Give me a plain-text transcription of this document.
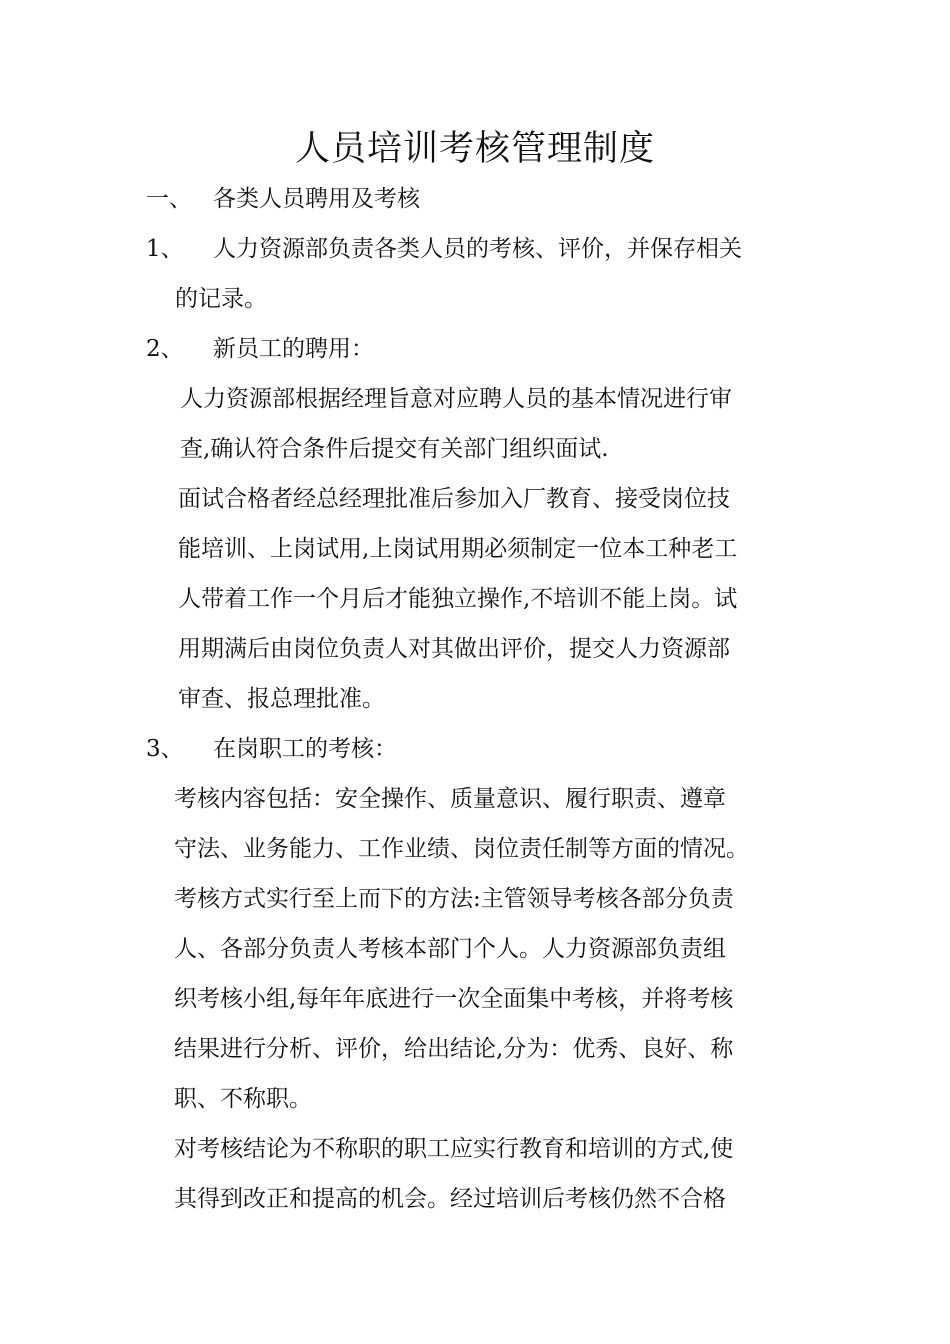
人员培训考核管理制度
一、 各类人员聘用及考核
1、 人力资源部负责各类人员的考核、评价，并保存相关
的记录。
2、 新员工的聘用：
人力资源部根据经理旨意对应聘人员的基本情况进行审
查,确认符合条件后提交有关部门组织面试.
面试合格者经总经理批准后参加入厂教育、接受岗位技
能培训、上岗试用,上岗试用期必须制定一位本工种老工
人带着工作一个月后才能独立操作,不培训不能上岗。试
用期满后由岗位负责人对其做出评价，提交人力资源部
审查、报总理批准。
3、 在岗职工的考核：
考核内容包括：安全操作、质量意识、履行职责、遵章
守法、业务能力、工作业绩、岗位责任制等方面的情况。
考核方式实行至上而下的方法:主管领导考核各部分负责
人、各部分负责人考核本部门个人。人力资源部负责组
织考核小组,每年年底进行一次全面集中考核，并将考核
结果进行分析、评价，给出结论,分为：优秀、良好、称
职、不称职。
对考核结论为不称职的职工应实行教育和培训的方式,使
其得到改正和提高的机会。经过培训后考核仍然不合格
